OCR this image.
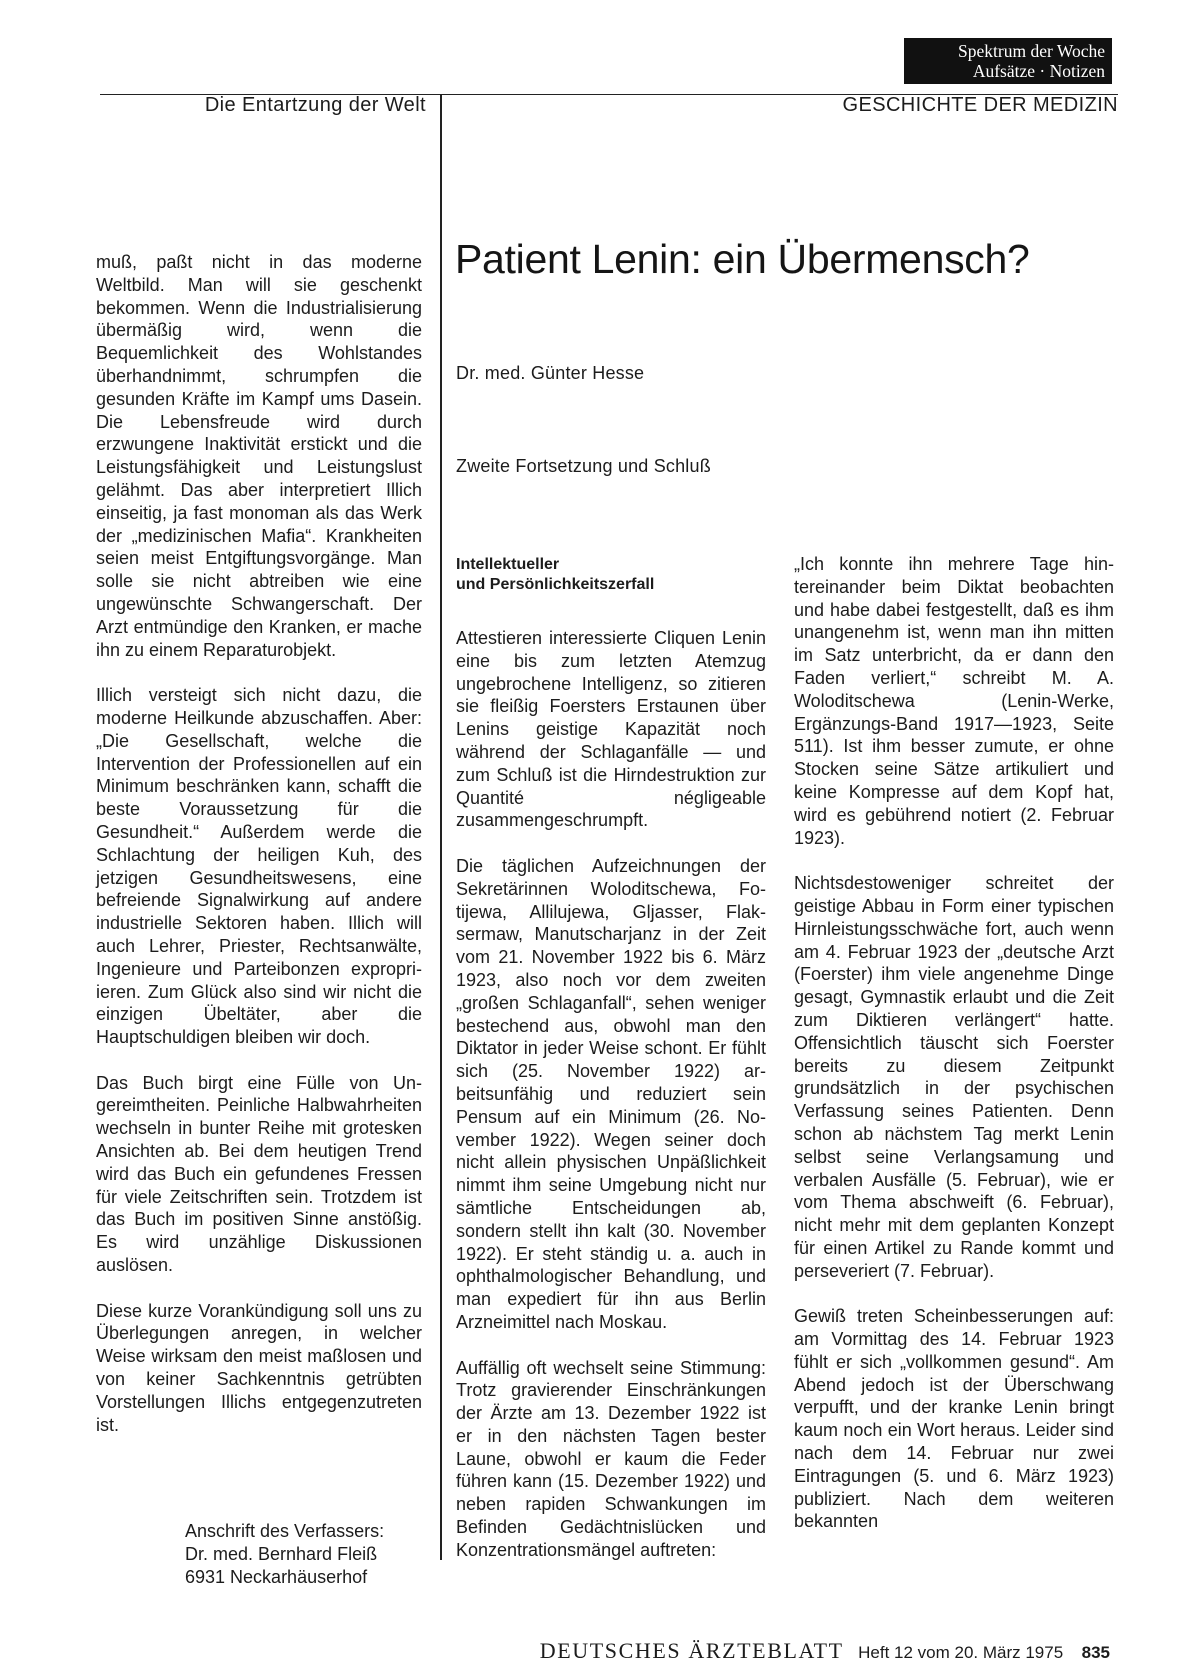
Spektrum der Woche
Aufsätze · Notizen
Die Entartzung der Welt	GESCHICHTE DER MEDIZIN
Patient Lenin: ein Übermensch?
Dr. med. Günter Hesse
Zweite Fortsetzung und Schluß

muß, paßt nicht in das moderne Weltbild. Man will sie geschenkt bekommen. Wenn die Industrialisierung übermäßig wird, wenn die Bequemlichkeit des Wohlstandes überhandnimmt, schrumpfen die gesunden Kräfte im Kampf ums Dasein. Die Lebensfreude wird durch erzwungene Inaktivität erstickt und die Leistungsfähigkeit und Leistungslust gelähmt. Das aber interpretiert Illich einseitig, ja fast monoman als das Werk der „medizinischen Mafia“. Krankheiten seien meist Entgiftungsvorgänge. Man solle sie nicht abtreiben wie eine ungewünschte Schwangerschaft. Der Arzt entmündige den Kranken, er mache ihn zu einem Reparaturobjekt.

Illich versteigt sich nicht dazu, die moderne Heilkunde abzuschaffen. Aber: „Die Gesellschaft, welche die Intervention der Professionellen auf ein Minimum beschränken kann, schafft die beste Voraussetzung für die Gesundheit.“ Außerdem werde die Schlachtung der heiligen Kuh, des jetzigen Gesundheitswesens, eine befreiende Signalwirkung auf andere industrielle Sektoren haben. Illich will auch Lehrer, Priester, Rechtsanwälte, Ingenieure und Parteibonzen expropriieren. Zum Glück also sind wir nicht die einzigen Übeltäter, aber die Hauptschuldigen bleiben wir doch.

Das Buch birgt eine Fülle von Ungereimtheiten. Peinliche Halbwahrheiten wechseln in bunter Reihe mit grotesken Ansichten ab. Bei dem heutigen Trend wird das Buch ein gefundenes Fressen für viele Zeitschriften sein. Trotzdem ist das Buch im positiven Sinne anstößig. Es wird unzählige Diskussionen auslösen.

Diese kurze Vorankündigung soll uns zu Überlegungen anregen, in welcher Weise wirksam den meist maßlosen und von keiner Sachkenntnis getrübten Vorstellungen Illichs entgegenzutreten ist.

Anschrift des Verfassers:
Dr. med. Bernhard Fleiß
6931 Neckarhäuserhof
Intellektueller
und Persönlichkeitszerfall

Attestieren interessierte Cliquen Lenin eine bis zum letzten Atemzug ungebrochene Intelligenz, so zitieren sie fleißig Foersters Erstaunen über Lenins geistige Kapazität noch während der Schlaganfälle — und zum Schluß ist die Hirndestruktion zur Quantité négligeable zusammengeschrumpft.

Die täglichen Aufzeichnungen der Sekretärinnen Woloditschewa, Fotijewa, Allilujewa, Gljasser, Flaksermaw, Manutscharjanz in der Zeit vom 21. November 1922 bis 6. März 1923, also noch vor dem zweiten „großen Schlaganfall“, sehen weniger bestechend aus, obwohl man den Diktator in jeder Weise schont. Er fühlt sich (25. November 1922) arbeitsunfähig und reduziert sein Pensum auf ein Minimum (26. November 1922). Wegen seiner doch nicht allein physischen Unpäßlichkeit nimmt ihm seine Umgebung nicht nur sämtliche Entscheidungen ab, sondern stellt ihn kalt (30. November 1922). Er steht ständig u. a. auch in ophthalmologischer Behandlung, und man expediert für ihn aus Berlin Arzneimittel nach Moskau.

Auffällig oft wechselt seine Stimmung: Trotz gravierender Einschränkungen der Ärzte am 13. Dezember 1922 ist er in den nächsten Tagen bester Laune, obwohl er kaum die Feder führen kann (15. Dezember 1922) und neben rapiden Schwankungen im Befinden Gedächtnislücken und Konzentrationsmängel auftreten:

„Ich konnte ihn mehrere Tage hintereinander beim Diktat beobachten und habe dabei festgestellt, daß es ihm unangenehm ist, wenn man ihn mitten im Satz unterbricht, da er dann den Faden verliert,“ schreibt M. A. Woloditschewa (Lenin-Werke, Ergänzungs-Band 1917—1923, Seite 511). Ist ihm besser zumute, er ohne Stocken seine Sätze artikuliert und keine Kompresse auf dem Kopf hat, wird es gebührend notiert (2. Februar 1923).

Nichtsdestoweniger schreitet der geistige Abbau in Form einer typischen Hirnleistungsschwäche fort, auch wenn am 4. Februar 1923 der „deutsche Arzt (Foerster) ihm viele angenehme Dinge gesagt, Gymnastik erlaubt und die Zeit zum Diktieren verlängert“ hatte. Offensichtlich täuscht sich Foerster bereits zu diesem Zeitpunkt grundsätzlich in der psychischen Verfassung seines Patienten. Denn schon ab nächstem Tag merkt Lenin selbst seine Verlangsamung und verbalen Ausfälle (5. Februar), wie er vom Thema abschweift (6. Februar), nicht mehr mit dem geplanten Konzept für einen Artikel zu Rande kommt und perseveriert (7. Februar).

Gewiß treten Scheinbesserungen auf: am Vormittag des 14. Februar 1923 fühlt er sich „vollkommen gesund“. Am Abend jedoch ist der Überschwang verpufft, und der kranke Lenin bringt kaum noch ein Wort heraus. Leider sind nach dem 14. Februar nur zwei Eintragungen (5. und 6. März 1923) publiziert. Nach dem weiteren bekannten

DEUTSCHES ÄRZTEBLATT Heft 12 vom 20. März 1975 835
